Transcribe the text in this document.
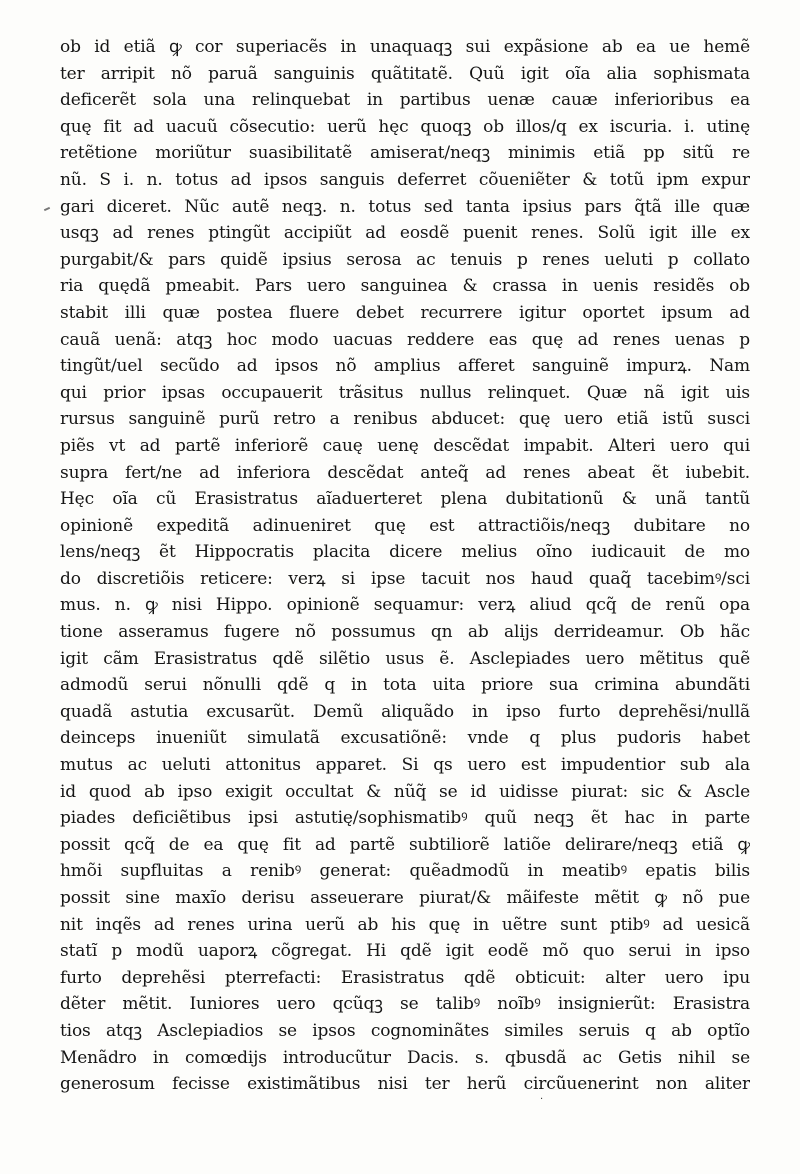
ob id etiã ꝙ cor superiacẽs in unaquaqꝫ sui expãsione ab ea ue hemẽ
ter arripit nõ paruã sanguinis quãtitatẽ. Quũ igit oĩa alia sophismata
deficerẽt sola una relinquebat in partibus uenæ cauæ inferioribus ea
quę fit ad uacuũ cõsecutio: uerũ hęc quoqꝫ ob illos/q ex iscuria. i. utinę
retẽtione moriũtur suasibilitatẽ amiserat/neqꝫ minimis etiã pp sitũ re
nũ. S i. n. totus ad ipsos sanguis deferret cõueniẽter & totũ ipm expur
gari diceret. Nũc autẽ neqꝫ. n. totus sed tanta ipsius pars q̃tã ille quæ
usqꝫ ad renes ptingũt accipiũt ad eosdẽ puenit renes. Solũ igit ille ex
purgabit/& pars quidẽ ipsius serosa ac tenuis p renes ueluti p collato
ria quędã pmeabit. Pars uero sanguinea & crassa in uenis residẽs ob
stabit illi quæ postea fluere debet recurrere igitur oportet ipsum ad
cauã uenã: atqꝫ hoc modo uacuas reddere eas quę ad renes uenas p
tingũt/uel secũdo ad ipsos nõ amplius afferet sanguinẽ impurꝝ. Nam
qui prior ipsas occupauerit trãsitus nullus relinquet. Quæ nã igit uis
rursus sanguinẽ purũ retro a renibus abducet: quę uero etiã istũ susci
piẽs vt ad partẽ inferiorẽ cauę uenę descẽdat impabit. Alteri uero qui
supra fert/ne ad inferiora descẽdat anteq̃ ad renes abeat ẽt iubebit.
Hęc oĩa cũ Erasistratus aĩaduerteret plena dubitationũ & unã tantũ
opinionẽ expeditã adinueniret quę est attractiõis/neqꝫ dubitare no
lens/neqꝫ ẽt Hippocratis placita dicere melius oĩno iudicauit de mo
do discretiõis reticere: verꝝ si ipse tacuit nos haud quaq̃ tacebimꝰ/sci
mus. n. ꝙ nisi Hippo. opinionẽ sequamur: verꝝ aliud qcq̃ de renũ opa
tione asseramus fugere nõ possumus qn ab alijs derrideamur. Ob hãc
igit cãm Erasistratus qdẽ silẽtio usus ẽ. Asclepiades uero mẽtitus quẽ
admodũ serui nõnulli qdẽ q in tota uita priore sua crimina abundãti
quadã astutia excusarũt. Demũ aliquãdo in ipso furto deprehẽsi/nullã
deinceps inueniũt simulatã excusatiõnẽ: vnde q plus pudoris habet
mutus ac ueluti attonitus apparet. Si qs uero est impudentior sub ala
id quod ab ipso exigit occultat & nũq̃ se id uidisse piurat: sic & Ascle
piades deficiẽtibus ipsi astutię/sophismatibꝰ quũ neqꝫ ẽt hac in parte
possit qcq̃ de ea quę fit ad partẽ subtiliorẽ latiõe delirare/neqꝫ etiã ꝙ
hmõi supfluitas a renibꝰ generat: quẽadmodũ in meatibꝰ epatis bilis
possit sine maxĩo derisu asseuerare piurat/& mãifeste mẽtit ꝙ nõ pue
nit inqẽs ad renes urina uerũ ab his quę in uẽtre sunt ptibꝰ ad uesicã
statĩ p modũ uaporꝝ cõgregat. Hi qdẽ igit eodẽ mõ quo serui in ipso
furto deprehẽsi pterrefacti: Erasistratus qdẽ obticuit: alter uero ipu
dẽter mẽtit. Iuniores uero qcũqꝫ se talibꝰ noĩbꝰ insignierũt: Erasistra
tios atqꝫ Asclepiadios se ipsos cognominãtes similes seruis q ab optĩo
Menãdro in comœdijs introducũtur Dacis. s. qbusdã ac Getis nihil se
generosum fecisse existimãtibus nisi ter herũ circũuenerint non aliter
·
